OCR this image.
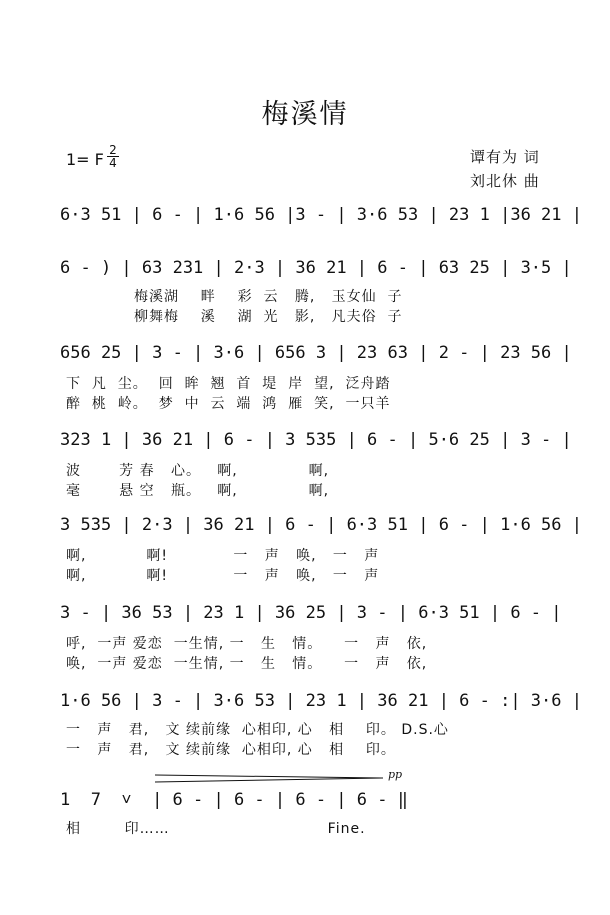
梅溪情
1= F 2
4	谭有为 词
刘北休 曲
6·3 51 | 6 - | 1·6 56 |3 - | 3·6 53 | 23 1 |36 21 |
6 - ) | 63 231 | 2·3 | 36 21 | 6 - | 63 25 | 3·5 |
梅溪湖    畔    彩  云   腾,   玉女仙  子
柳舞梅    溪    湖  光   影,   凡夫俗  子
656 25 | 3 - | 3·6 | 656 3 | 23 63 | 2 - | 23 56 |
下  凡  尘。  回  眸  翘  首  堤  岸  望,  泛舟踏
醉  桃  岭。  梦  中  云  端  鸿  雁  笑,  一只羊
323 1 | 36 21 | 6 - | 3 535 | 6 - | 5·6 25 | 3 - |
波       芳 春   心。   啊,             啊,
毫       悬 空   瓶。   啊,             啊,
3 535 | 2·3 | 36 21 | 6 - | 6·3 51 | 6 - | 1·6 56 |
啊,           啊!            一   声   唤,   一   声
啊,           啊!            一   声   唤,   一   声
3 - | 36 53 | 23 1 | 36 25 | 3 - | 6·3 51 | 6 - |
呼,  一声 爱恋  一生情, 一   生   情。    一   声   依,
唤,  一声 爱恋  一生情, 一   生   情。    一   声   依,
1·6 56 | 3 - | 3·6 53 | 23 1 | 36 21 | 6 - :| 3·6 |
一   声   君,   文 续前缘  心相印, 心   相    印。 D.S.心
一   声   君,   文 续前缘  心相印, 心   相    印。
pp
1  7  ˅  | 6 - | 6 - | 6 - | 6 - ‖
相        印……                             Fine.
